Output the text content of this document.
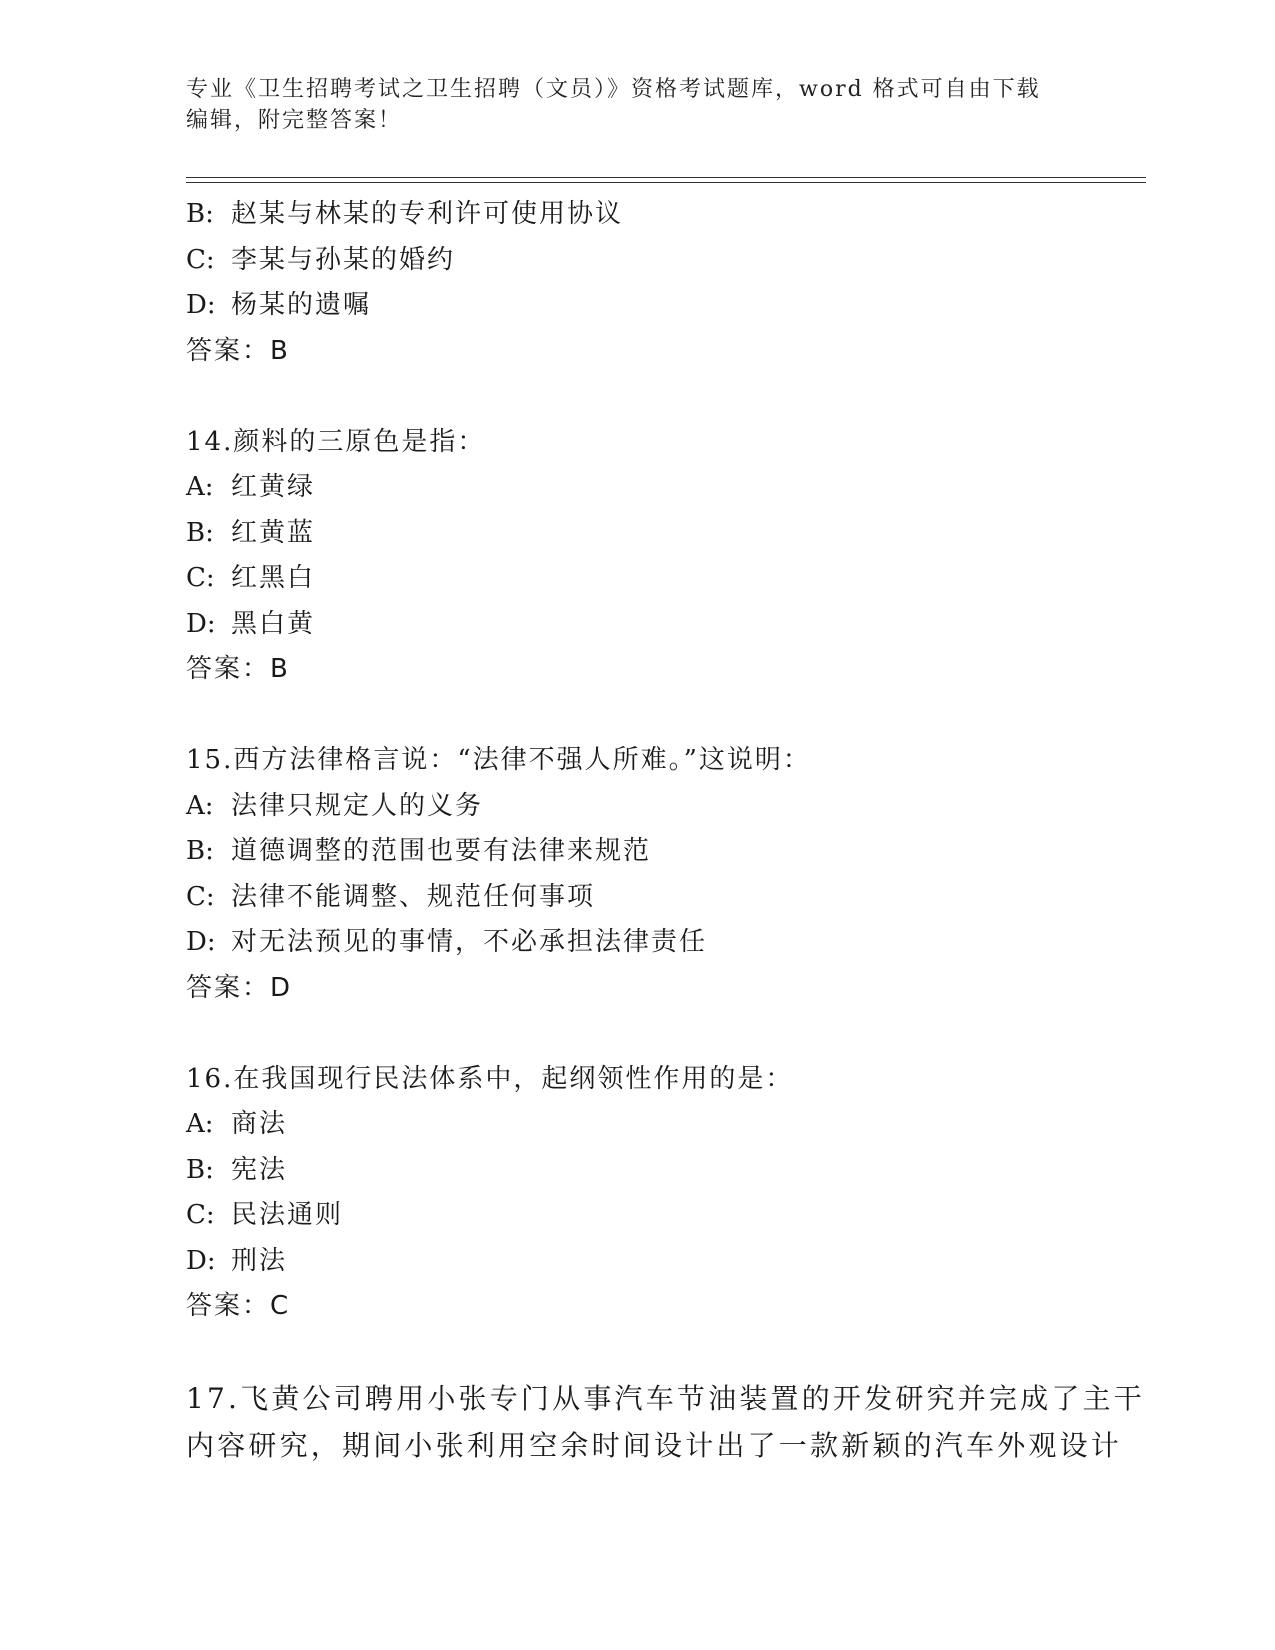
专业《卫生招聘考试之卫生招聘（文员）》资格考试题库，word 格式可自由下载
编辑，附完整答案！
B: 赵某与林某的专利许可使用协议
C: 李某与孙某的婚约
D: 杨某的遗嘱
答案：B
14.颜料的三原色是指：
A: 红黄绿
B: 红黄蓝
C: 红黑白
D: 黑白黄
答案：B
15.西方法律格言说：“法律不强人所难。”这说明：
A: 法律只规定人的义务
B: 道德调整的范围也要有法律来规范
C: 法律不能调整、规范任何事项
D: 对无法预见的事情，不必承担法律责任
答案：D
16.在我国现行民法体系中，起纲领性作用的是：
A: 商法
B: 宪法
C: 民法通则
D: 刑法
答案：C
17.飞黄公司聘用小张专门从事汽车节油装置的开发研究并完成了主干
内容研究，期间小张利用空余时间设计出了一款新颖的汽车外观设计
